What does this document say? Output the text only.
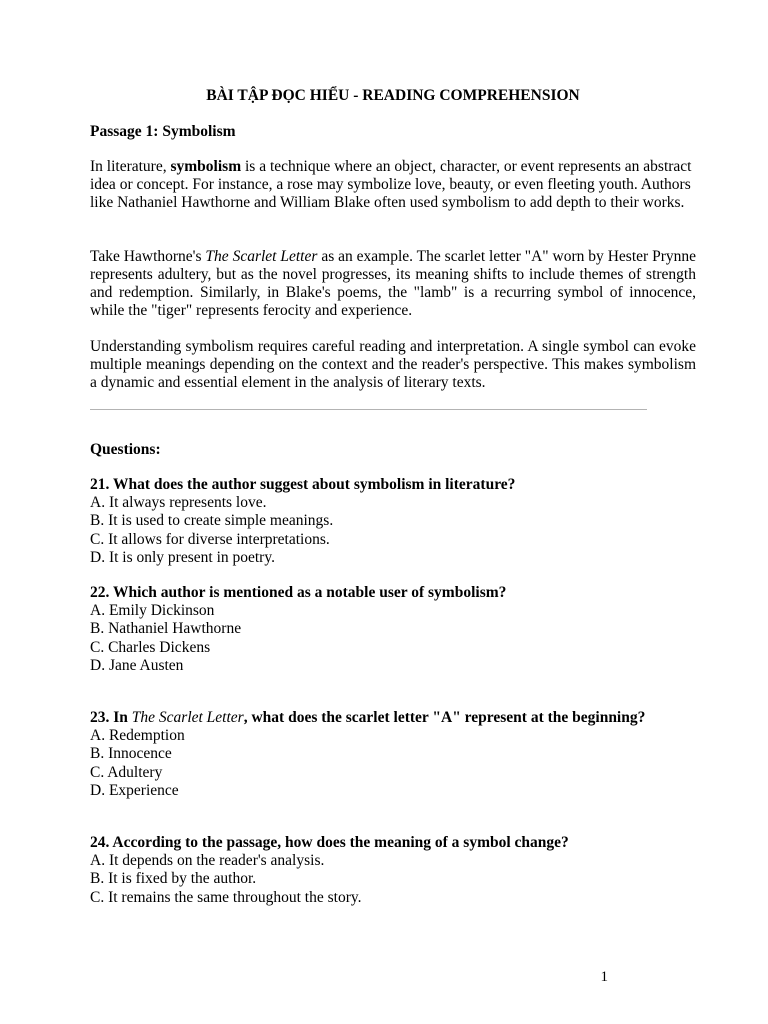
BÀI TẬP ĐỌC HIỂU - READING COMPREHENSION
Passage 1: Symbolism

In literature, symbolism is a technique where an object, character, or event represents an abstract idea or concept. For instance, a rose may symbolize love, beauty, or even fleeting youth. Authors like Nathaniel Hawthorne and William Blake often used symbolism to add depth to their works.

Take Hawthorne's The Scarlet Letter as an example. The scarlet letter "A" worn by Hester Prynne represents adultery, but as the novel progresses, its meaning shifts to include themes of strength and redemption. Similarly, in Blake's poems, the "lamb" is a recurring symbol of innocence, while the "tiger" represents ferocity and experience.

Understanding symbolism requires careful reading and interpretation. A single symbol can evoke multiple meanings depending on the context and the reader's perspective. This makes symbolism a dynamic and essential element in the analysis of literary texts.

Questions:
21. What does the author suggest about symbolism in literature?
A. It always represents love.
B. It is used to create simple meanings.
C. It allows for diverse interpretations.
D. It is only present in poetry.
22. Which author is mentioned as a notable user of symbolism?
A. Emily Dickinson
B. Nathaniel Hawthorne
C. Charles Dickens
D. Jane Austen
23. In The Scarlet Letter, what does the scarlet letter "A" represent at the beginning?
A. Redemption
B. Innocence
C. Adultery
D. Experience
24. According to the passage, how does the meaning of a symbol change?
A. It depends on the reader's analysis.
B. It is fixed by the author.
C. It remains the same throughout the story.
1
